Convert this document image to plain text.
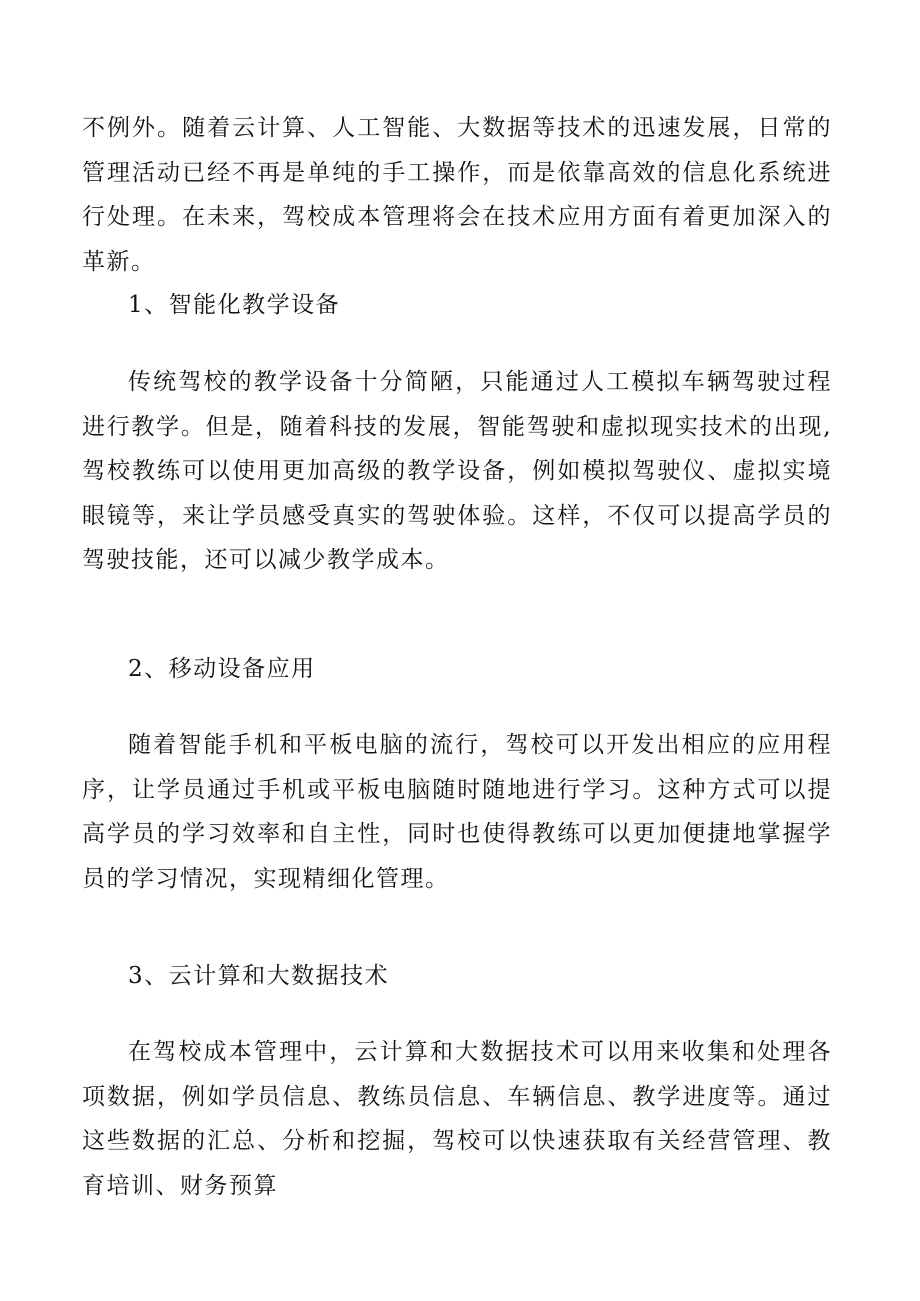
不例外。随着云计算、人工智能、大数据等技术的迅速发展，日常的管理活动已经不再是单纯的手工操作，而是依靠高效的信息化系统进行处理。在未来，驾校成本管理将会在技术应用方面有着更加深入的革新。

1、智能化教学设备

传统驾校的教学设备十分简陋，只能通过人工模拟车辆驾驶过程进行教学。但是，随着科技的发展，智能驾驶和虚拟现实技术的出现,驾校教练可以使用更加高级的教学设备，例如模拟驾驶仪、虚拟实境眼镜等，来让学员感受真实的驾驶体验。这样，不仅可以提高学员的驾驶技能，还可以减少教学成本。

2、移动设备应用

随着智能手机和平板电脑的流行，驾校可以开发出相应的应用程序，让学员通过手机或平板电脑随时随地进行学习。这种方式可以提高学员的学习效率和自主性，同时也使得教练可以更加便捷地掌握学员的学习情况，实现精细化管理。

3、云计算和大数据技术

在驾校成本管理中，云计算和大数据技术可以用来收集和处理各项数据，例如学员信息、教练员信息、车辆信息、教学进度等。通过这些数据的汇总、分析和挖掘，驾校可以快速获取有关经营管理、教育培训、财务预算
